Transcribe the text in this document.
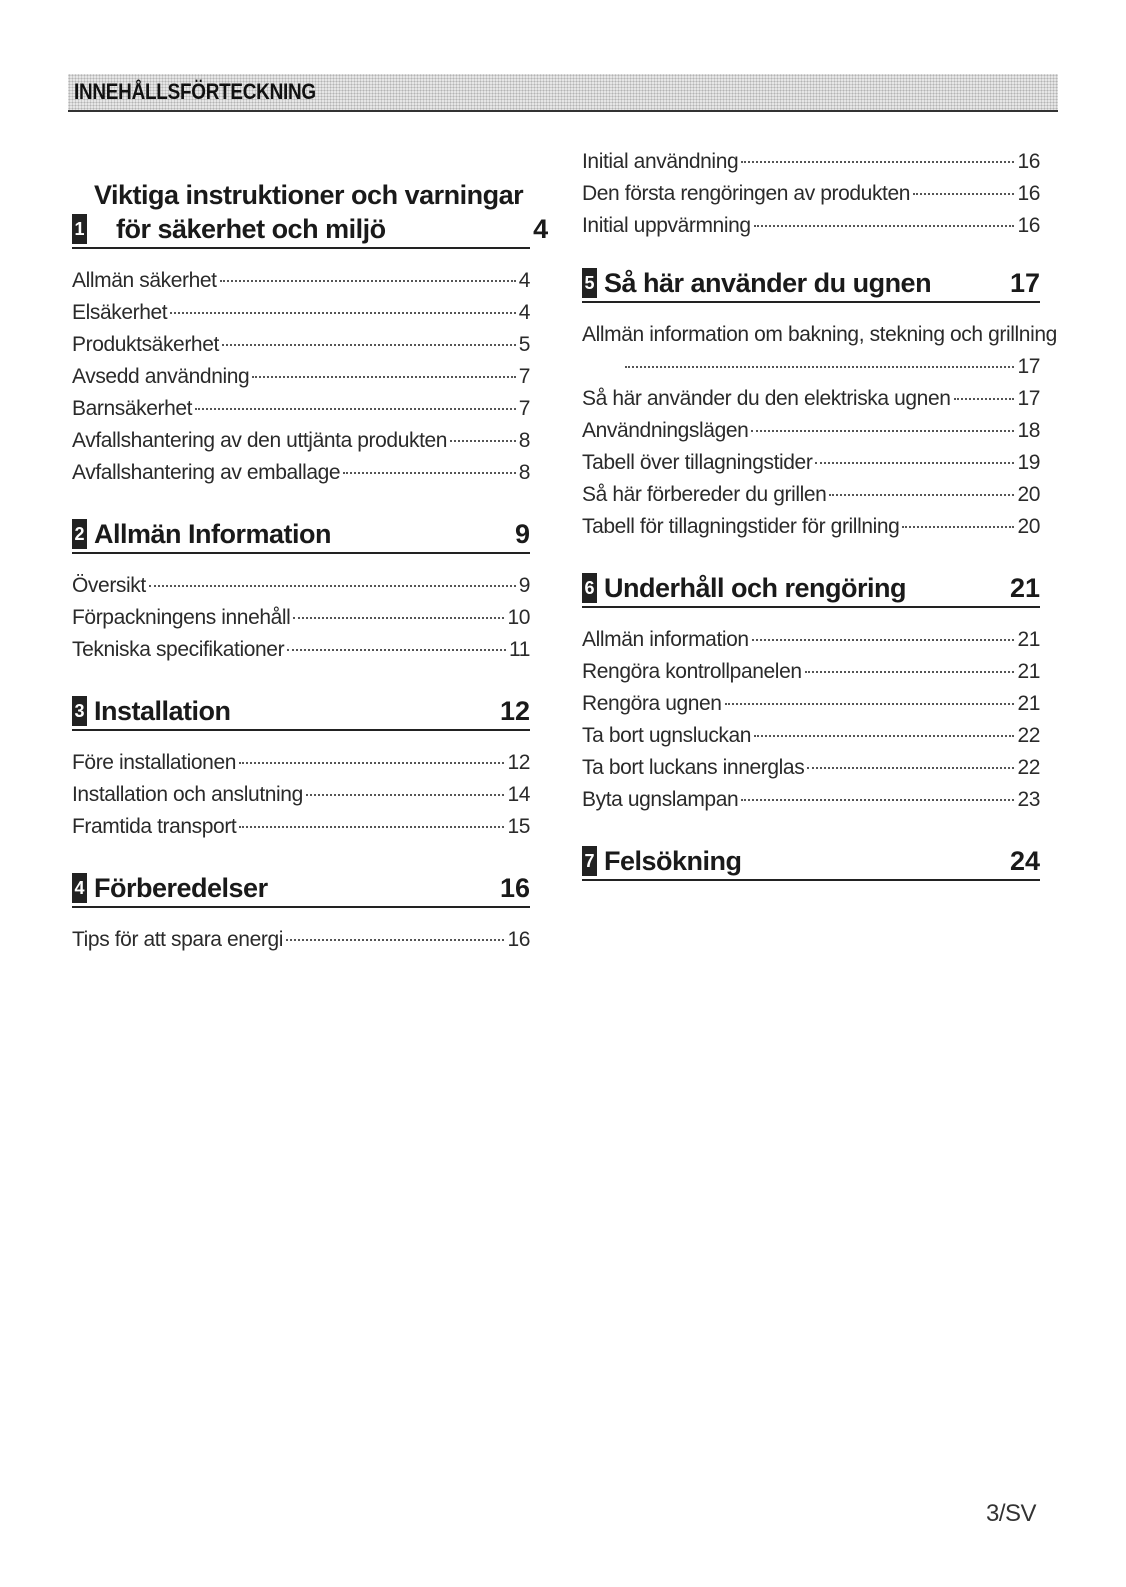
INNEHÅLLSFÖRTECKNING
1
Viktiga instruktioner och varningar
för säkerhet och miljö	4
Allmän säkerhet	4
Elsäkerhet	4
Produktsäkerhet	5
Avsedd användning	7
Barnsäkerhet	7
Avfallshantering av den uttjänta produkten	8
Avfallshantering av emballage	8
2 Allmän Information	9
Översikt	9
Förpackningens innehåll	10
Tekniska specifikationer	11
3 Installation	12
Före installationen	12
Installation och anslutning	14
Framtida transport	15
4 Förberedelser	16
Tips för att spara energi	16
Initial användning	16
Den första rengöringen av produkten	16
Initial uppvärmning	16
5 Så här använder du ugnen	17
Allmän information om bakning, stekning och grillning
17
Så här använder du den elektriska ugnen	17
Användningslägen	18
Tabell över tillagningstider	19
Så här förbereder du grillen	20
Tabell för tillagningstider för grillning	20
6 Underhåll och rengöring	21
Allmän information	21
Rengöra kontrollpanelen	21
Rengöra ugnen	21
Ta bort ugnsluckan	22
Ta bort luckans innerglas	22
Byta ugnslampan	23
7 Felsökning	24
3/SV
